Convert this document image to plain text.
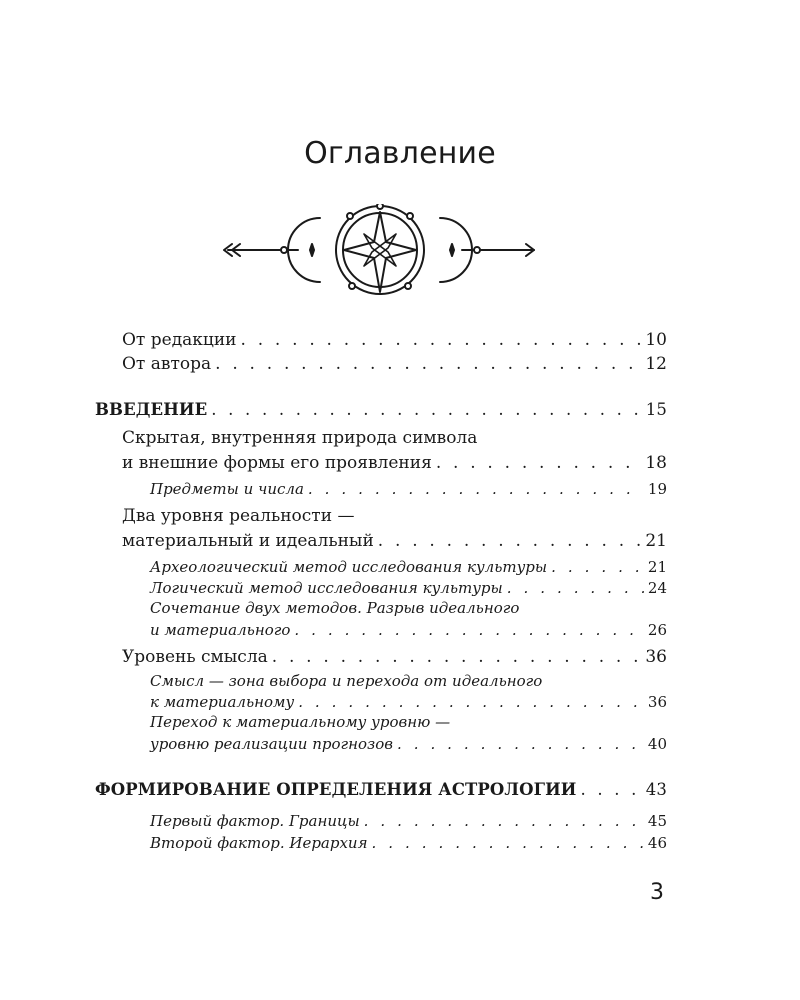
Оглавление
От редакции . . .	10
От автора . . .	12
ВВЕДЕНИЕ . . .	15
Скрытая, внутренняя природа символа
и внешние формы его проявления . . .	18
Предметы и числа . . .	19
Два уровня реальности —
материальный и идеальный . . .	21
Археологический метод исследования культуры . . .	21
Логический метод исследования культуры . . .	24
Сочетание двух методов. Разрыв идеального
и материального . . .	26
Уровень смысла . . .	36
Смысл — зона выбора и перехода от идеального
к материальному . . .	36
Переход к материальному уровню —
уровню реализации прогнозов . . .	40
ФОРМИРОВАНИЕ ОПРЕДЕЛЕНИЯ АСТРОЛОГИИ . . .	43
Первый фактор. Границы . . .	45
Второй фактор. Иерархия . . .	46
3
